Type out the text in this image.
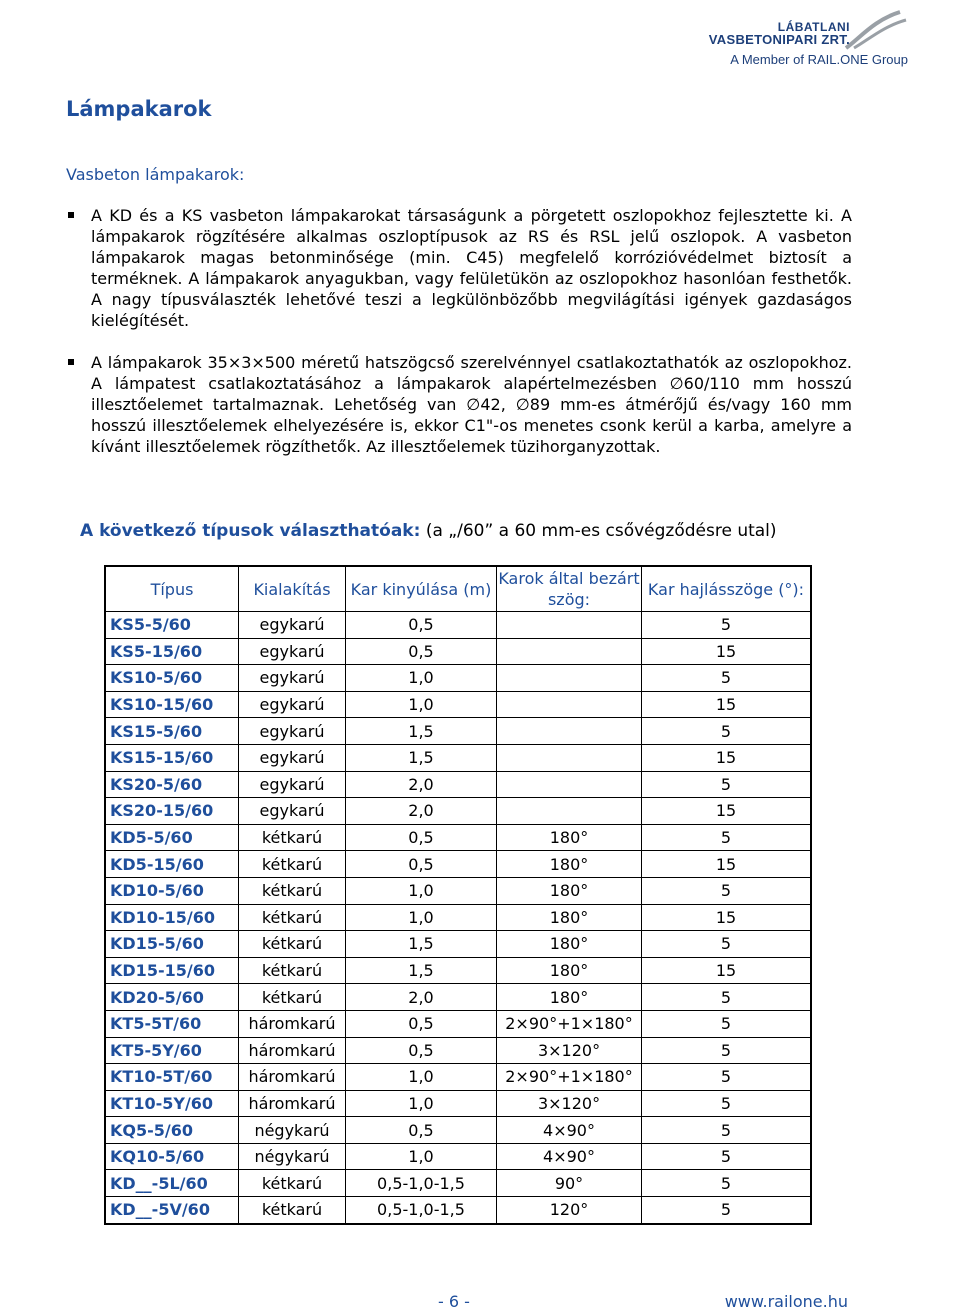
LÁBATLANI
VASBETONIPARI ZRT.
A Member of RAIL.ONE Group
Lámpakarok
Vasbeton lámpakarok:
A KD és a KS vasbeton lámpakarokat társaságunk a pörgetett oszlopokhoz fejlesztette ki. A lámpakarok rögzítésére alkalmas oszloptípusok az RS és RSL jelű oszlopok. A vasbeton lámpakarok magas betonminősége (min. C45) megfelelő korrózióvédelmet biztosít a terméknek. A lámpakarok anyagukban, vagy felületükön az oszlopokhoz hasonlóan festhetők. A nagy típusválaszték lehetővé teszi a legkülönbözőbb megvilágítási igények gazdaságos kielégítését.
A lámpakarok 35×3×500 méretű hatszögcső szerelvénnyel csatlakoztathatók az oszlopokhoz. A lámpatest csatlakoztatásához a lámpakarok alapértelmezésben ∅60/110 mm hosszú illesztőelemet tartalmaznak. Lehetőség van ∅42, ∅89 mm-es átmérőjű és/vagy 160 mm hosszú illesztőelemek elhelyezésére is, ekkor C1"-os menetes csonk kerül a karba, amelyre a kívánt illesztőelemek rögzíthetők. Az illesztőelemek tüzihorganyzottak.
A következő típusok választhatóak: (a „/60” a 60 mm-es csővégződésre utal)
Típus	Kialakítás	Kar kinyúlása (m)	Karok által bezárt szög:	Kar hajlásszöge (°):
KS5-5/60	egykarú	0,5		5
KS5-15/60	egykarú	0,5		15
KS10-5/60	egykarú	1,0		5
KS10-15/60	egykarú	1,0		15
KS15-5/60	egykarú	1,5		5
KS15-15/60	egykarú	1,5		15
KS20-5/60	egykarú	2,0		5
KS20-15/60	egykarú	2,0		15
KD5-5/60	kétkarú	0,5	180°	5
KD5-15/60	kétkarú	0,5	180°	15
KD10-5/60	kétkarú	1,0	180°	5
KD10-15/60	kétkarú	1,0	180°	15
KD15-5/60	kétkarú	1,5	180°	5
KD15-15/60	kétkarú	1,5	180°	15
KD20-5/60	kétkarú	2,0	180°	5
KT5-5T/60	háromkarú	0,5	2×90°+1×180°	5
KT5-5Y/60	háromkarú	0,5	3×120°	5
KT10-5T/60	háromkarú	1,0	2×90°+1×180°	5
KT10-5Y/60	háromkarú	1,0	3×120°	5
KQ5-5/60	négykarú	0,5	4×90°	5
KQ10-5/60	négykarú	1,0	4×90°	5
KD__-5L/60	kétkarú	0,5-1,0-1,5	90°	5
KD__-5V/60	kétkarú	0,5-1,0-1,5	120°	5
- 6 -	www.railone.hu
